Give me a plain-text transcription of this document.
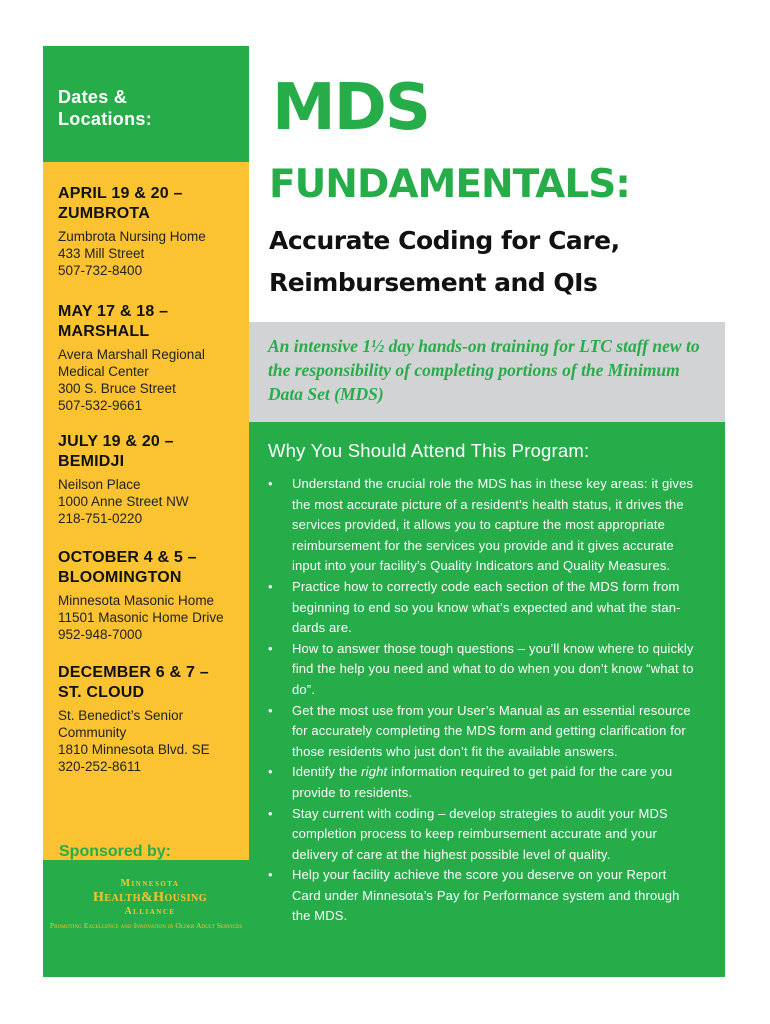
Dates &
Locations:
APRIL 19 & 20 –
ZUMBROTA
Zumbrota Nursing Home
433 Mill Street
507-732-8400
MAY 17 & 18 –
MARSHALL
Avera Marshall Regional
Medical Center
300 S. Bruce Street
507-532-9661
JULY 19 & 20 –
BEMIDJI
Neilson Place
1000 Anne Street NW
218-751-0220
OCTOBER 4 & 5 –
BLOOMINGTON
Minnesota Masonic Home
11501 Masonic Home Drive
952-948-7000
DECEMBER 6 & 7 –
ST. CLOUD
St. Benedict’s Senior
Community
1810 Minnesota Blvd. SE
320-252-8611
Sponsored by:
Minnesota
Health&Housing
Alliance
Promoting Excellence and Innovation in Older Adult Services
MDS
FUNDAMENTALS:
Accurate Coding for Care,
Reimbursement and QIs
An intensive 1½ day hands-on training for LTC staff new to the responsibility of completing portions of the Minimum Data Set (MDS)
Why You Should Attend This Program:
• Understand the crucial role the MDS has in these key areas: it gives
the most accurate picture of a resident’s health status, it drives the
services provided, it allows you to capture the most appropriate
reimbursement for the services you provide and it gives accurate
input into your facility’s Quality Indicators and Quality Measures.
• Practice how to correctly code each section of the MDS form from
beginning to end so you know what’s expected and what the stan-
dards are.
• How to answer those tough questions – you’ll know where to quickly
find the help you need and what to do when you don’t know “what to
do”.
• Get the most use from your User’s Manual as an essential resource
for accurately completing the MDS form and getting clarification for
those residents who just don’t fit the available answers.
• Identify the right information required to get paid for the care you
provide to residents.
• Stay current with coding – develop strategies to audit your MDS
completion process to keep reimbursement accurate and your
delivery of care at the highest possible level of quality.
• Help your facility achieve the score you deserve on your Report
Card under Minnesota’s Pay for Performance system and through
the MDS.
